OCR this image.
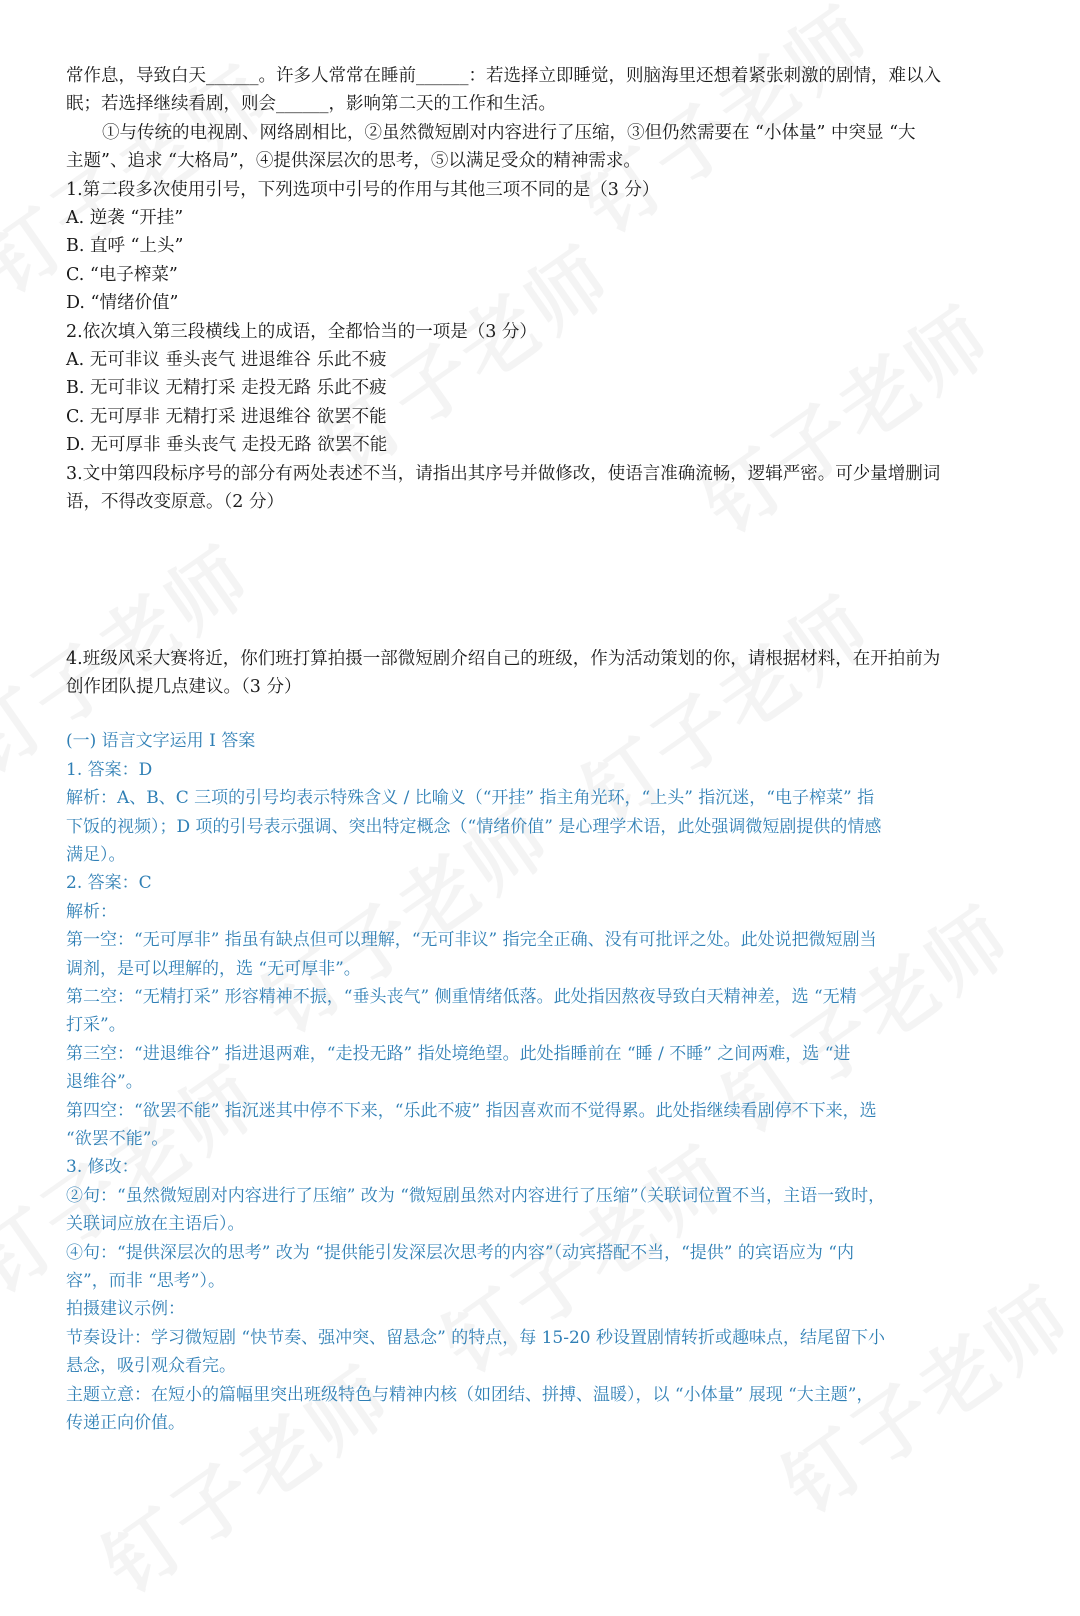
常作息，导致白天______。许多人常常在睡前______：若选择立即睡觉，则脑海里还想着紧张刺激的剧情，难以入

眠；若选择继续看剧，则会______，影响第二天的工作和生活。

①与传统的电视剧、网络剧相比，②虽然微短剧对内容进行了压缩，③但仍然需要在 “小体量” 中突显 “大

主题”、追求 “大格局”，④提供深层次的思考，⑤以满足受众的精神需求。

1.第二段多次使用引号，下列选项中引号的作用与其他三项不同的是（3 分）

A. 逆袭 “开挂”

B. 直呼 “上头”

C. “电子榨菜”

D. “情绪价值”

2.依次填入第三段横线上的成语，全都恰当的一项是（3 分）

A. 无可非议 垂头丧气 进退维谷 乐此不疲

B. 无可非议 无精打采 走投无路 乐此不疲

C. 无可厚非 无精打采 进退维谷 欲罢不能

D. 无可厚非 垂头丧气 走投无路 欲罢不能

3.文中第四段标序号的部分有两处表述不当，请指出其序号并做修改，使语言准确流畅，逻辑严密。可少量增删词

语，不得改变原意。（2 分）

4.班级风采大赛将近，你们班打算拍摄一部微短剧介绍自己的班级，作为活动策划的你，请根据材料，在开拍前为

创作团队提几点建议。（3 分）

(一) 语言文字运用 Ⅰ 答案

1. 答案：D

解析：A、B、C 三项的引号均表示特殊含义 / 比喻义（“开挂” 指主角光环，“上头” 指沉迷，“电子榨菜” 指

下饭的视频）；D 项的引号表示强调、突出特定概念（“情绪价值” 是心理学术语，此处强调微短剧提供的情感

满足）。

2. 答案：C

解析：

第一空：“无可厚非” 指虽有缺点但可以理解，“无可非议” 指完全正确、没有可批评之处。此处说把微短剧当

调剂，是可以理解的，选 “无可厚非”。

第二空：“无精打采” 形容精神不振，“垂头丧气” 侧重情绪低落。此处指因熬夜导致白天精神差，选 “无精

打采”。

第三空：“进退维谷” 指进退两难，“走投无路” 指处境绝望。此处指睡前在 “睡 / 不睡” 之间两难，选 “进

退维谷”。

第四空：“欲罢不能” 指沉迷其中停不下来，“乐此不疲” 指因喜欢而不觉得累。此处指继续看剧停不下来，选

“欲罢不能”。

3. 修改：

②句：“虽然微短剧对内容进行了压缩” 改为 “微短剧虽然对内容进行了压缩”（关联词位置不当，主语一致时，

关联词应放在主语后）。

④句：“提供深层次的思考” 改为 “提供能引发深层次思考的内容”（动宾搭配不当，“提供” 的宾语应为 “内

容”，而非 “思考”）。

拍摄建议示例：

节奏设计：学习微短剧 “快节奏、强冲突、留悬念” 的特点，每 15-20 秒设置剧情转折或趣味点，结尾留下小

悬念，吸引观众看完。

主题立意：在短小的篇幅里突出班级特色与精神内核（如团结、拼搏、温暖），以 “小体量” 展现 “大主题”，

传递正向价值。
